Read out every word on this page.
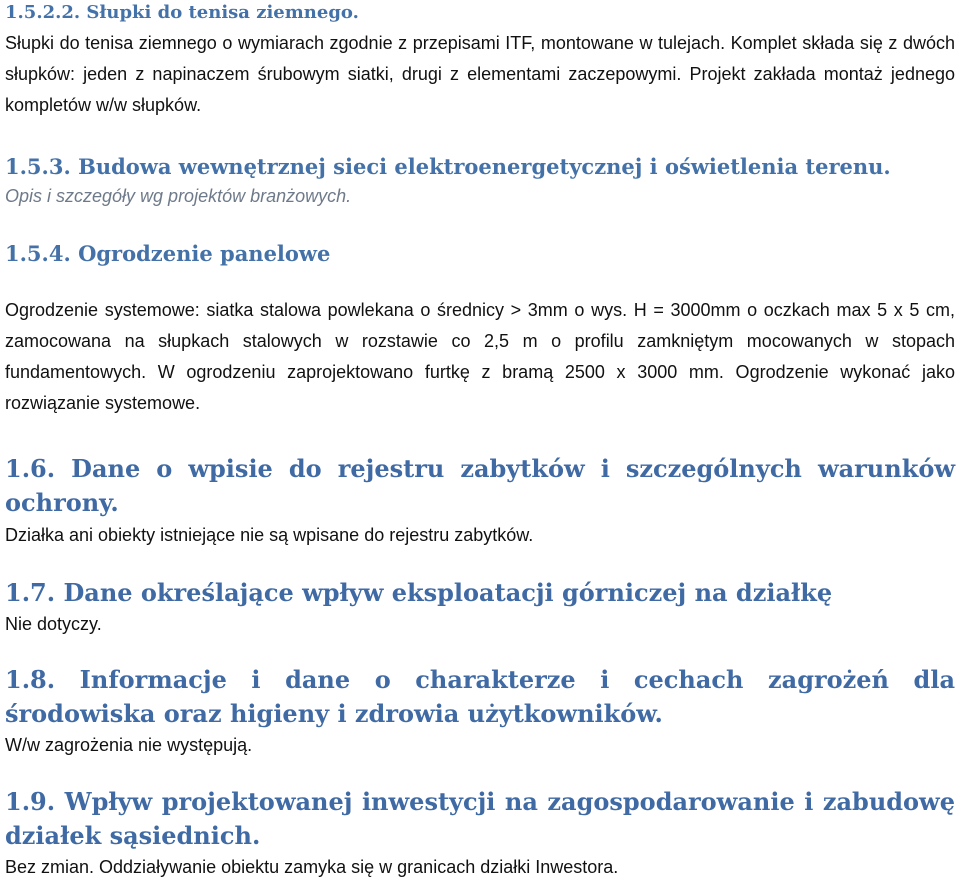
1.5.2.2. Słupki do tenisa ziemnego.
Słupki do tenisa ziemnego o wymiarach zgodnie z przepisami ITF, montowane w tulejach. Komplet składa się z dwóch słupków: jeden z napinaczem śrubowym siatki, drugi z elementami zaczepowymi. Projekt zakłada montaż jednego kompletów w/w słupków.
1.5.3. Budowa wewnętrznej sieci elektroenergetycznej i oświetlenia terenu.
Opis i szczegóły wg projektów branżowych.
1.5.4. Ogrodzenie panelowe
Ogrodzenie systemowe: siatka stalowa powlekana o średnicy > 3mm o wys. H = 3000mm o oczkach max 5 x 5 cm, zamocowana na słupkach stalowych w rozstawie co 2,5 m o profilu zamkniętym mocowanych w stopach fundamentowych. W ogrodzeniu zaprojektowano furtkę z bramą 2500 x 3000 mm. Ogrodzenie wykonać jako rozwiązanie systemowe.
1.6. Dane o wpisie do rejestru zabytków i szczególnych warunków ochrony.
Działka ani obiekty istniejące nie są wpisane do rejestru zabytków.
1.7. Dane określające wpływ eksploatacji górniczej na działkę
Nie dotyczy.
1.8. Informacje i dane o charakterze i cechach zagrożeń dla środowiska oraz higieny i zdrowia użytkowników.
W/w zagrożenia nie występują.
1.9. Wpływ projektowanej inwestycji na zagospodarowanie i zabudowę działek sąsiednich.
Bez zmian. Oddziaływanie obiektu zamyka się w granicach działki Inwestora.
